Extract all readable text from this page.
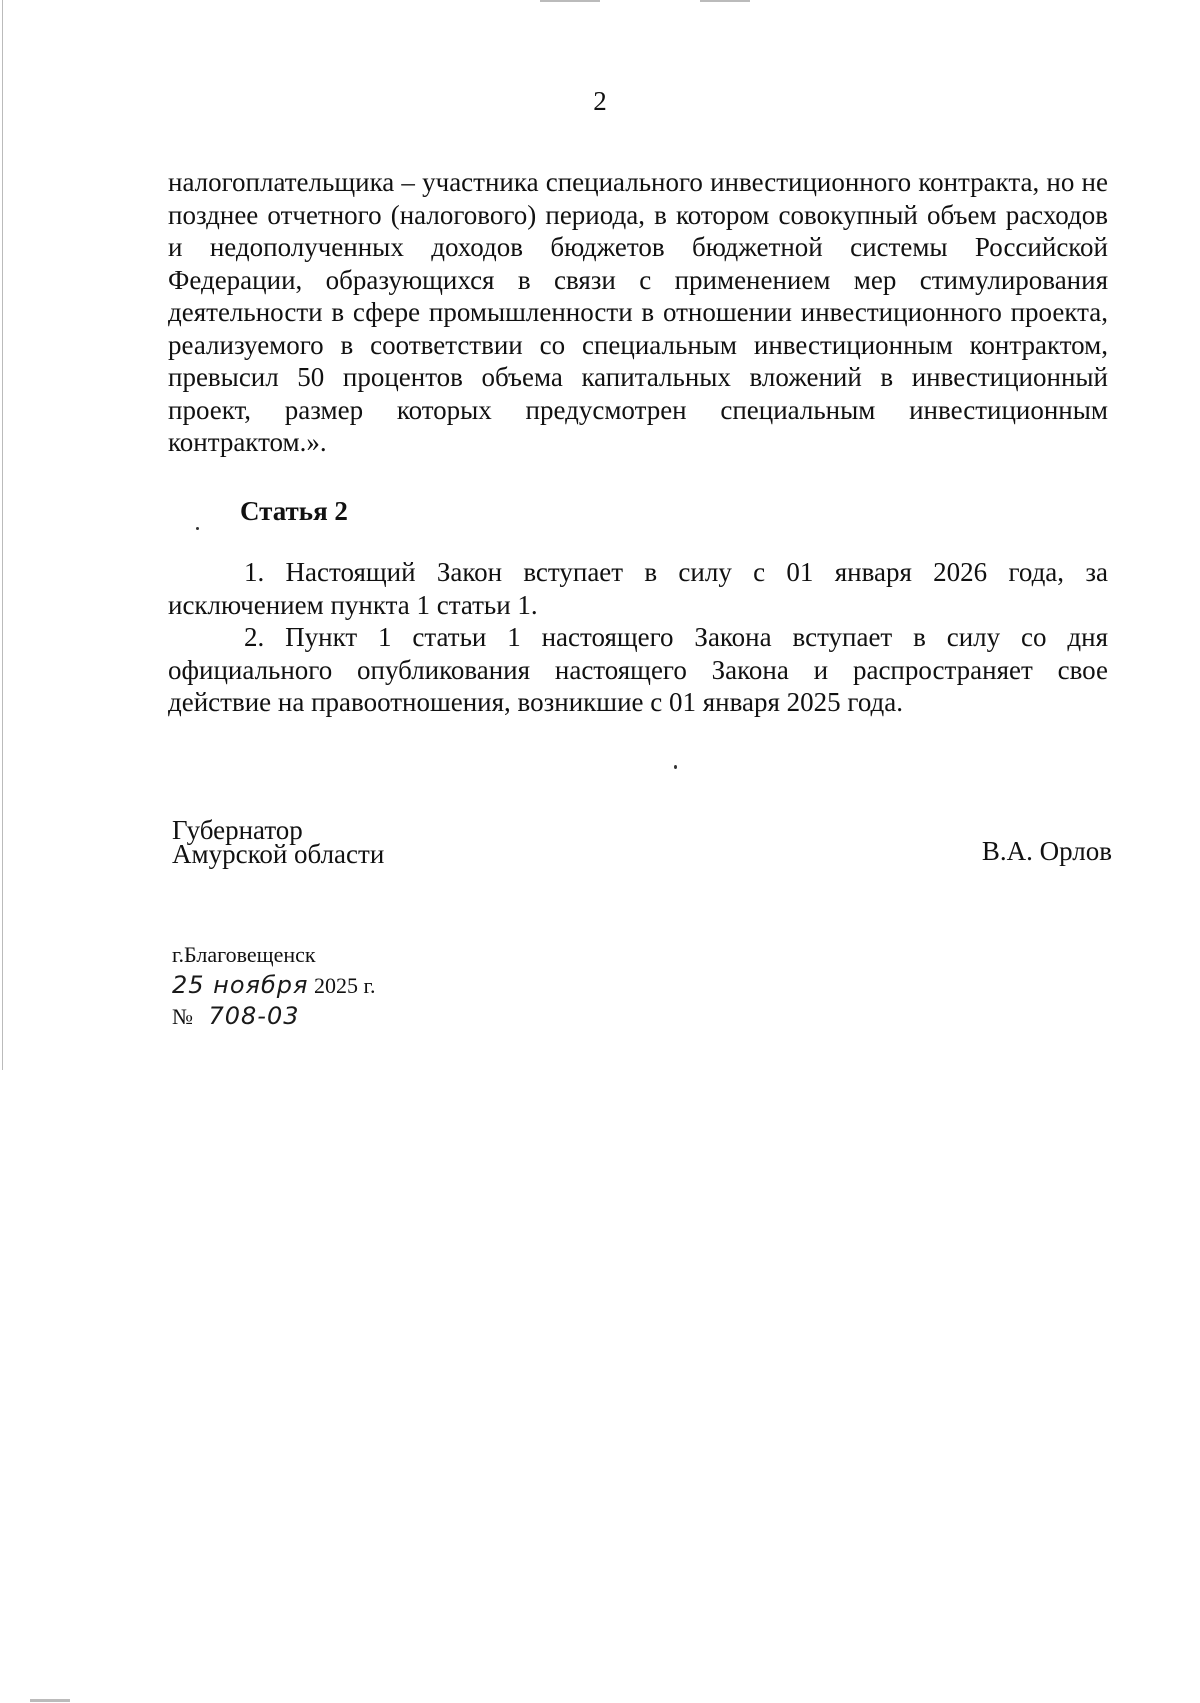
2

налогоплательщика – участника специального инвестиционного контракта, но не позднее отчетного (налогового) периода, в котором совокупный объем расходов и недополученных доходов бюджетов бюджетной системы Российской Федерации, образующихся в связи с применением мер стимулирования деятельности в сфере промышленности в отношении инвестиционного проекта, реализуемого в соответствии со специальным инвестиционным контрактом, превысил 50 процентов объема капитальных вложений в инвестиционный проект, размер которых предусмотрен специальным инвестиционным контрактом.».

Статья 2

1. Настоящий Закон вступает в силу с 01 января 2026 года, за исключением пункта 1 статьи 1.

2. Пункт 1 статьи 1 настоящего Закона вступает в силу со дня официального опубликования настоящего Закона и распространяет свое действие на правоотношения, возникшие с 01 января 2025 года.

Губернатор
Амурской области	В.А. Орлов
г.Благовещенск
25 ноября 2025 г.
№ 708-03
